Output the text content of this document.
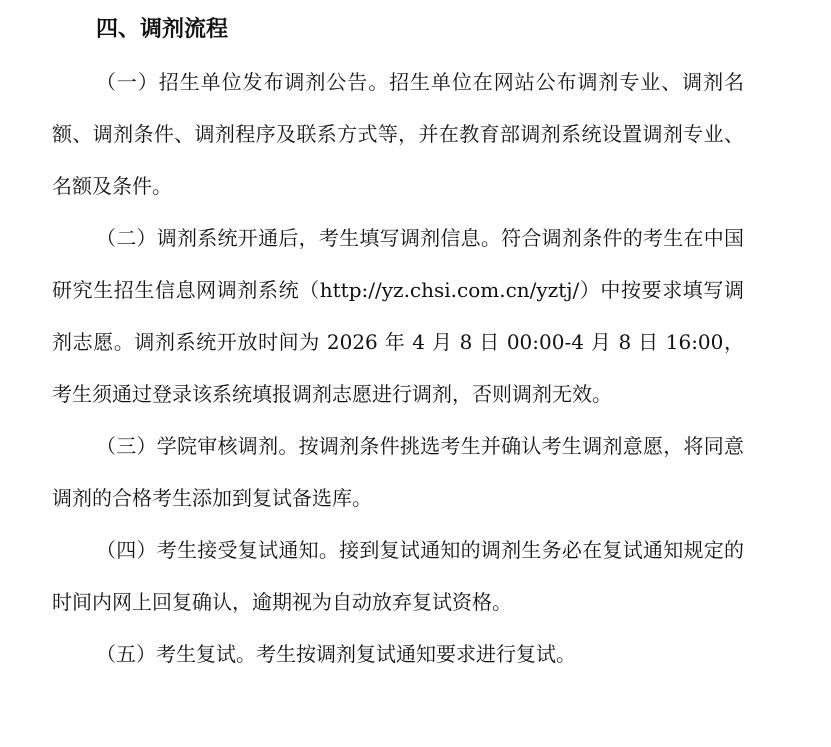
四、调剂流程

（一）招生单位发布调剂公告。招生单位在网站公布调剂专业、调剂名额、调剂条件、调剂程序及联系方式等，并在教育部调剂系统设置调剂专业、名额及条件。

（二）调剂系统开通后，考生填写调剂信息。符合调剂条件的考生在中国研究生招生信息网调剂系统（http://yz.chsi.com.cn/yztj/）中按要求填写调剂志愿。调剂系统开放时间为 2026 年 4 月 8 日 00:00-4 月 8 日 16:00，考生须通过登录该系统填报调剂志愿进行调剂，否则调剂无效。

（三）学院审核调剂。按调剂条件挑选考生并确认考生调剂意愿，将同意调剂的合格考生添加到复试备选库。

（四）考生接受复试通知。接到复试通知的调剂生务必在复试通知规定的时间内网上回复确认，逾期视为自动放弃复试资格。

（五）考生复试。考生按调剂复试通知要求进行复试。
